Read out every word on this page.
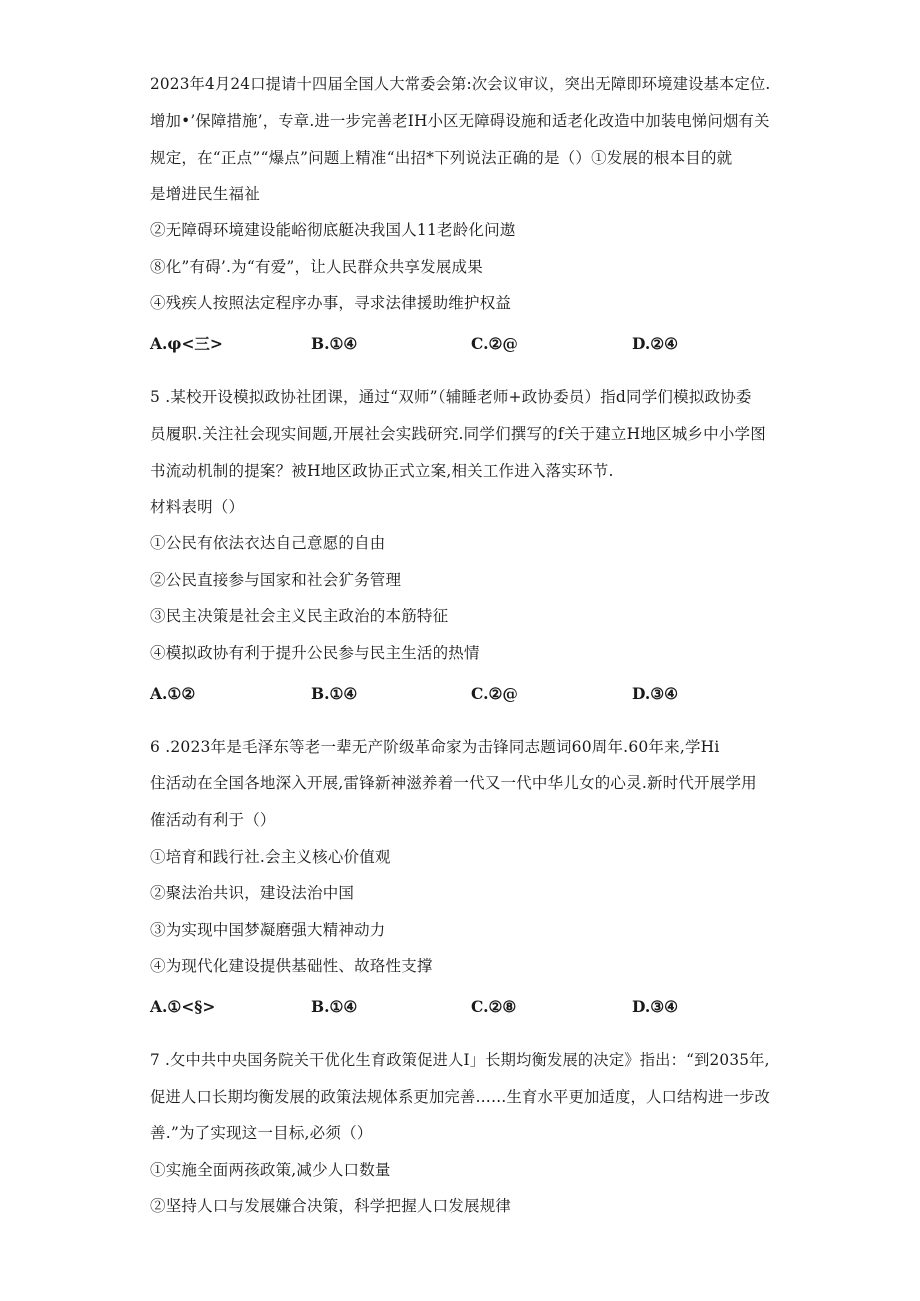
2023年4月24口提请十四届全国人大常委会第:次会议审议，突出无障即环境建设基本定位.
增加•’保障措施’，专章.进一步完善老IH小区无障碍设施和适老化改造中加装电悌问烟有关
规定，在“正点”“爆点”问题上精准“出招*下列说法正确的是（）①发展的根本目的就
是增进民生福祉
②无障碍环境建设能峪彻底艇决我国人11老龄化问遨
⑧化”有碍’.为“有爱”，让人民群众共享发展成果
④残疾人按照法定程序办事，寻求法律援助维护权益
A.φ<三>	B.①④	C.②@	D.②④
5 .某校开设模拟政协社团课，通过“双师”（辅睡老师+政协委员）指d同学们模拟政协委
员履职.关注社会现实间题,开展社会实践研究.同学们撰写的f关于建立H地区城乡中小学图
书流动机制的提案？被H地区政协正式立案,相关工作进入落实环节.
材料表明（）
①公民有依法衣达自己意愿的自由
②公民直接参与国家和社会犷务管理
③民主决策是社会主义民主政治的本筋特征
④模拟政协有利于提升公民参与民主生活的热情
A.①②	B.①④	C.②@	D.③④
6 .2023年是毛泽东等老一辈无产阶级革命家为击锋同志题词60周年.60年来,学Hi
住活动在全国各地深入开展,雷锋新神滋养着一代又一代中华儿女的心灵.新时代开展学用
傕活动有利于（）
①培育和践行社.会主义核心价值观
②聚法治共识，建设法治中国
③为实现中国梦凝磨强大精神动力
④为现代化建设提供基础性、故珞性支撑
A.①<§>	B.①④	C.②⑧	D.③④
7 .攵中共中央国务院关干优化生育政策促进人I」长期均衡发展的决定》指出：“到2035年,
促进人口长期均衡发展的政策法规体系更加完善……生育水平更加适度，人口结构进一步改
善.”为了实现这一目标,必须（）
①实施全面两孩政策,减少人口数量
②坚持人口与发展嫌合决策，科学把握人口发展规律
